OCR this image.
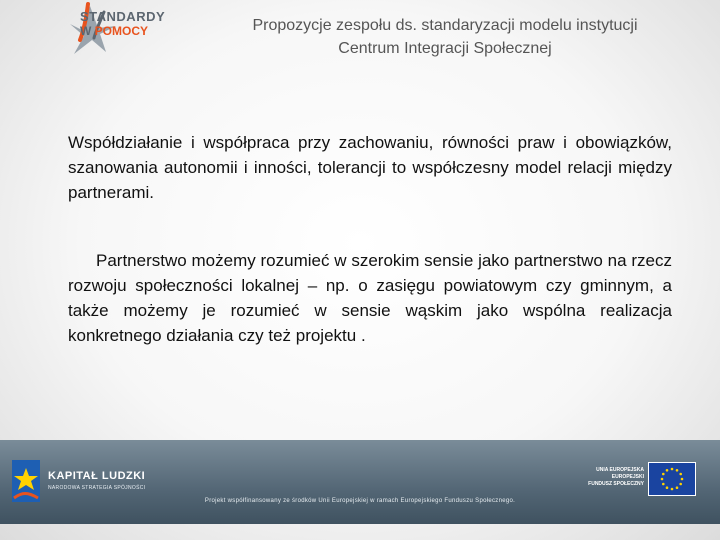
STANDARDY
W POMOCY	Propozycje zespołu ds. standaryzacji modelu instytucji
Centrum Integracji Społecznej
Współdziałanie i współpraca przy zachowaniu, równości praw i obowiązków, szanowania autonomii i inności, tolerancji to współczesny model relacji między partnerami.
Partnerstwo możemy rozumieć w szerokim sensie jako partnerstwo na rzecz rozwoju społeczności lokalnej – np. o zasięgu powiatowym czy gminnym, a także możemy je rozumieć w sensie wąskim jako wspólna realizacja konkretnego działania czy też projektu .
KAPITAŁ LUDZKI
NARODOWA STRATEGIA SPÓJNOŚCI
UNIA EUROPEJSKA
EUROPEJSKI
FUNDUSZ SPOŁECZNY
Projekt współfinansowany ze środków Unii Europejskiej w ramach Europejskiego Funduszu Społecznego.
